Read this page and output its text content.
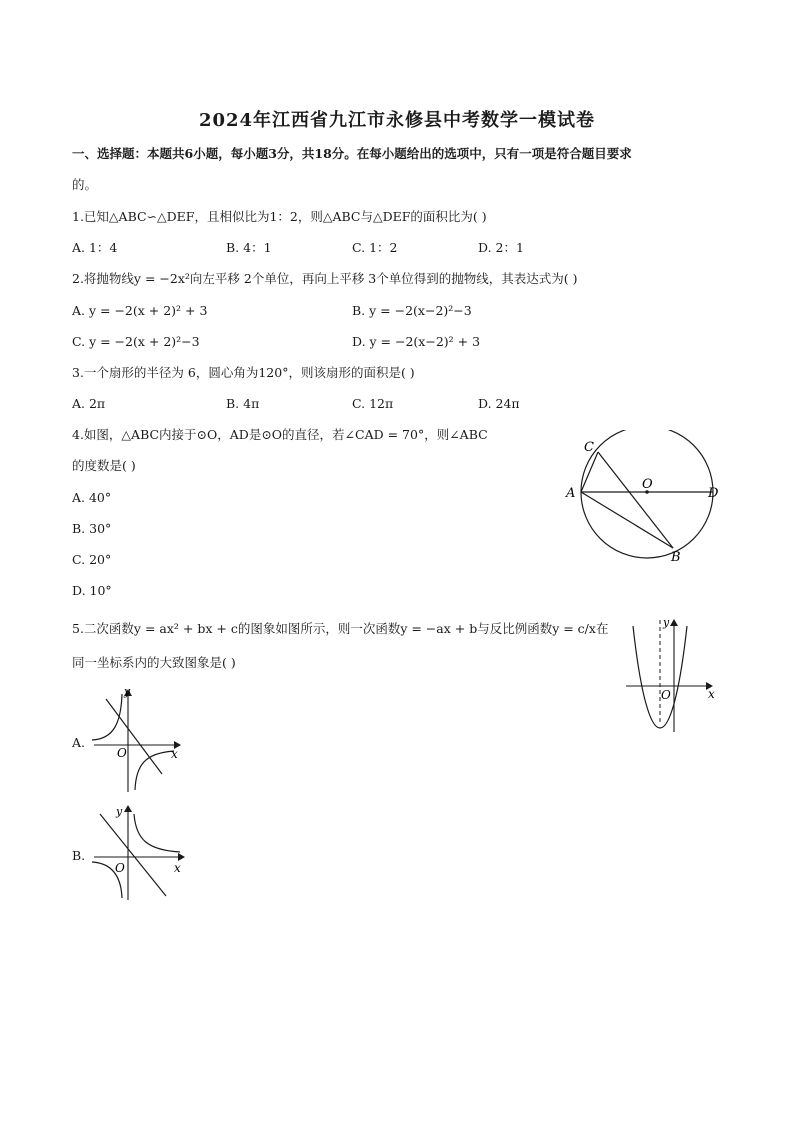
2024年江西省九江市永修县中考数学一模试卷
一、选择题：本题共6小题，每小题3分，共18分。在每小题给出的选项中，只有一项是符合题目要求
的。
1.已知△ABC∽△DEF，且相似比为1：2，则△ABC与△DEF的面积比为( )
A. 1：4	B. 4：1	C. 1：2	D. 2：1
2.将抛物线y = −2x²向左平移 2个单位，再向上平移 3个单位得到的抛物线，其表达式为( )
A. y = −2(x + 2)² + 3	B. y = −2(x−2)²−3
C. y = −2(x + 2)²−3	D. y = −2(x−2)² + 3
3.一个扇形的半径为 6，圆心角为120°，则该扇形的面积是( )
A. 2π	B. 4π	C. 12π	D. 24π
4.如图，△ABC内接于⊙O，AD是⊙O的直径，若∠CAD = 70°，则∠ABC
的度数是( )
A. 40°
B. 30°
C. 20°
D. 10°
C
O
A	D
B
5.二次函数y = ax² + bx + c的图象如图所示，则一次函数y = −ax + b与反比例函数y = c/x在
同一坐标系内的大致图象是( )
y
x
O
A.
y
x
O
B.
y
x
O
